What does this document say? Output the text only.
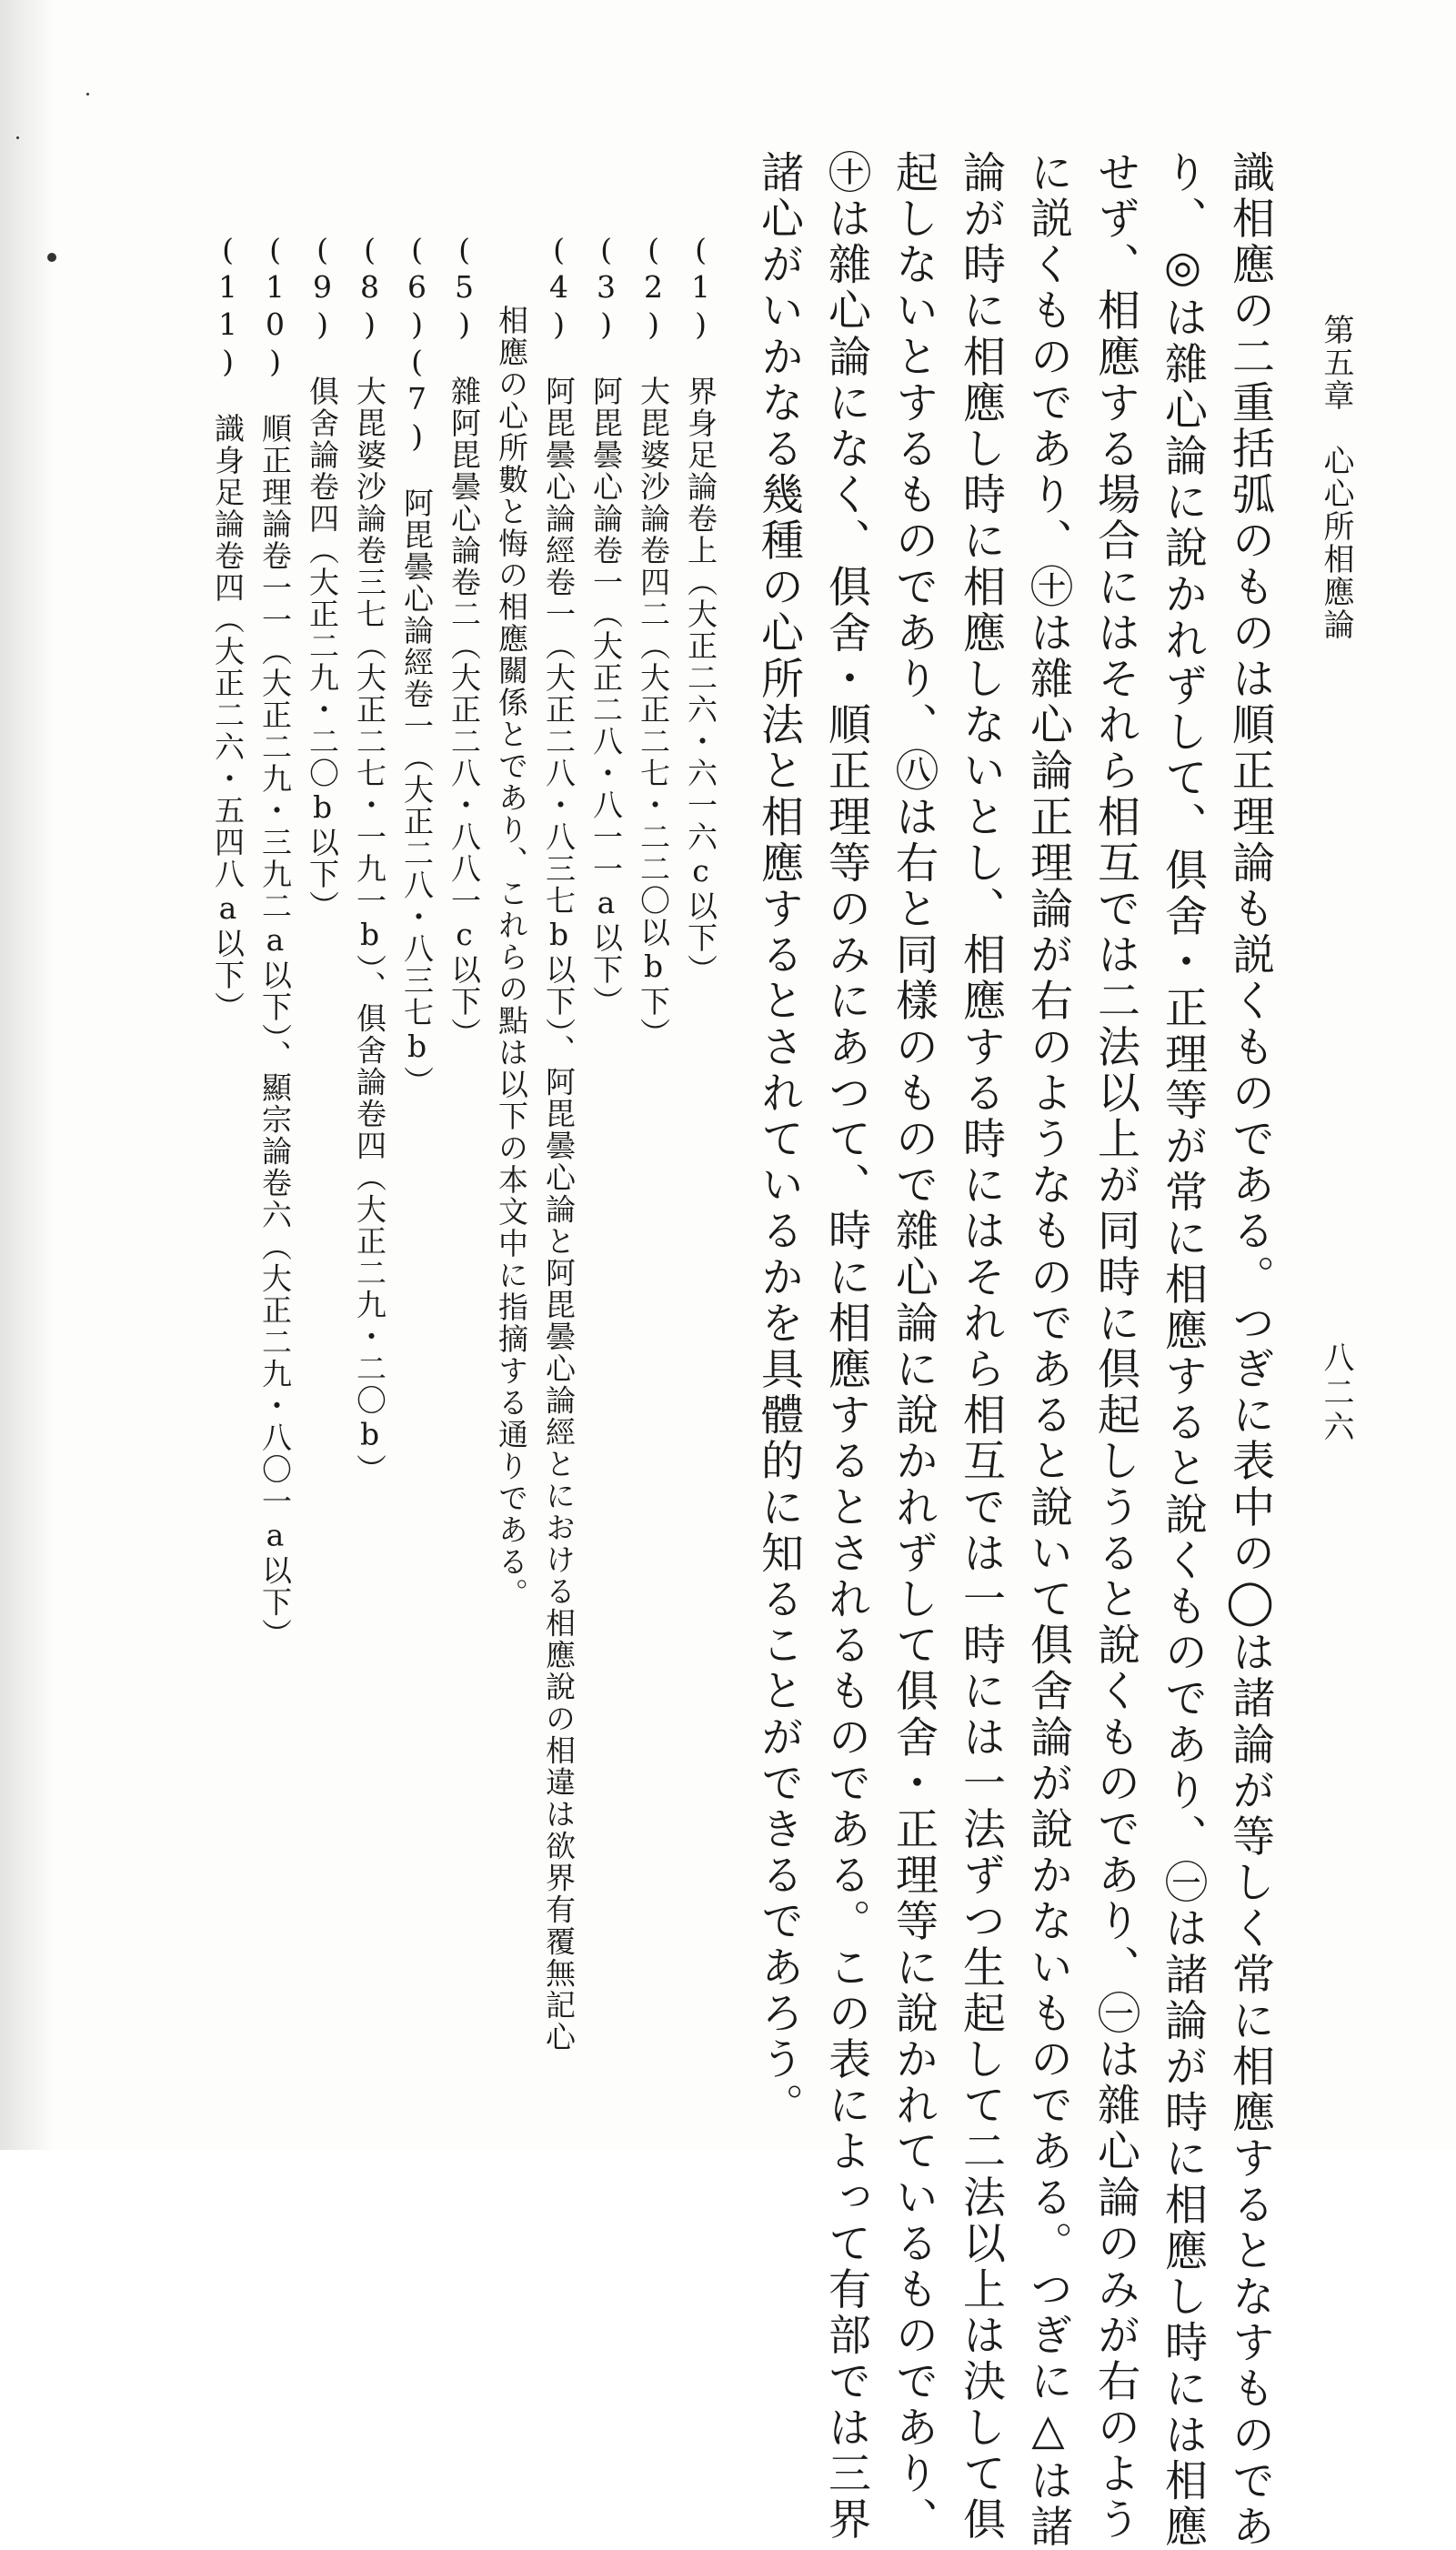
第五章　心心所相應論
八二六
識相應の二重括弧のものは順正理論も説くものである。つぎに表中の◯は諸論が等しく常に相應するとなすものであ
り、◎は雜心論に說かれずして、俱舍・正理等が常に相應すると說くものであり、㊀は諸論が時に相應し時には相應
せず、相應する場合にはそれら相互では二法以上が同時に倶起しうると說くものであり、㊀は雜心論のみが右のよう
に説くものであり、㊉は雜心論正理論が右のようなものであると說いて俱舍論が說かないものである。つぎに△は諸
論が時に相應し時に相應しないとし、相應する時にはそれら相互では一時には一法ずつ生起して二法以上は決して俱
起しないとするものであり、㊇は右と同樣のもので雜心論に說かれずして俱舍・正理等に說かれているものであり、
㊉は雜心論になく、俱舍・順正理等のみにあつて、時に相應するとされるものである。この表によって有部では三界
諸心がいかなる幾種の心所法と相應するとされているかを具體的に知ることができるであろう。
(1)　界身足論卷上（大正二六・六一六c以下）
(2)　大毘婆沙論卷四二（大正二七・二二〇以b下）
(3)　阿毘曇心論卷一（大正二八・八一一a以下）
(4)　阿毘曇心論經卷一（大正二八・八三七b以下）、阿毘曇心論と阿毘曇心論經とにおける相應說の相違は欲界有覆無記心
相應の心所數と悔の相應關係とであり、これらの點は以下の本文中に指摘する通りである。
(5)　雜阿毘曇心論卷二（大正二八・八八一c以下）
(6)(7)　阿毘曇心論經卷一（大正二八・八三七b）
(8)　大毘婆沙論卷三七（大正二七・一九一b）、俱舍論卷四（大正二九・二〇b）
(9)　俱舍論卷四（大正二九・二〇b以下）
(10)　順正理論卷一一（大正二九・三九二a以下）、顯宗論卷六（大正二九・八〇一a以下）
(11)　識身足論卷四（大正二六・五四八a以下）
